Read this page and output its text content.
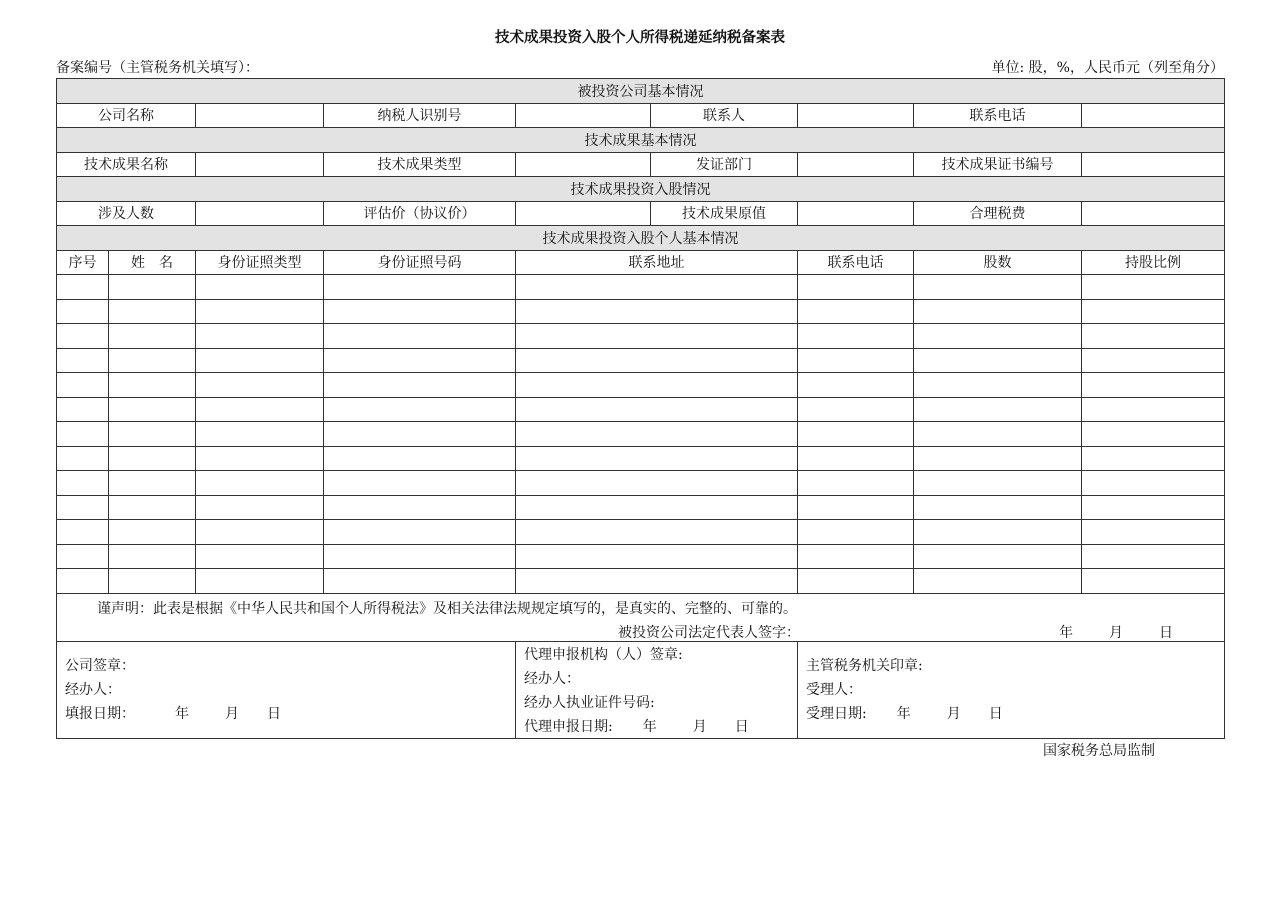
技术成果投资入股个人所得税递延纳税备案表
备案编号（主管税务机关填写）：	单位: 股，%，人民币元（列至角分）
被投资公司基本情况								
公司名称			纳税人识别号		联系人		联系电话	
技术成果基本情况								
技术成果名称			技术成果类型		发证部门		技术成果证书编号	
技术成果投资入股情况								
涉及人数			评估价（协议价）		技术成果原值		合理税费	
技术成果投资入股个人基本情况								
序号	姓　名	身份证照类型	身份证照号码	联系地址		联系电话	股数	持股比例

谨声明：此表是根据《中华人民共和国个人所得税法》及相关法律法规规定填写的，是真实的、完整的、可靠的。
被投资公司法定代表人签字： 年 月 日								

公司签章：
经办人：
填报日期：	年	月 日

代理申报机构（人）签章:
经办人：
经办人执业证件号码:
代理申报日期: 年	月 日

主管税务机关印章:
受理人：
受理日期: 年	月 日
国家税务总局监制
